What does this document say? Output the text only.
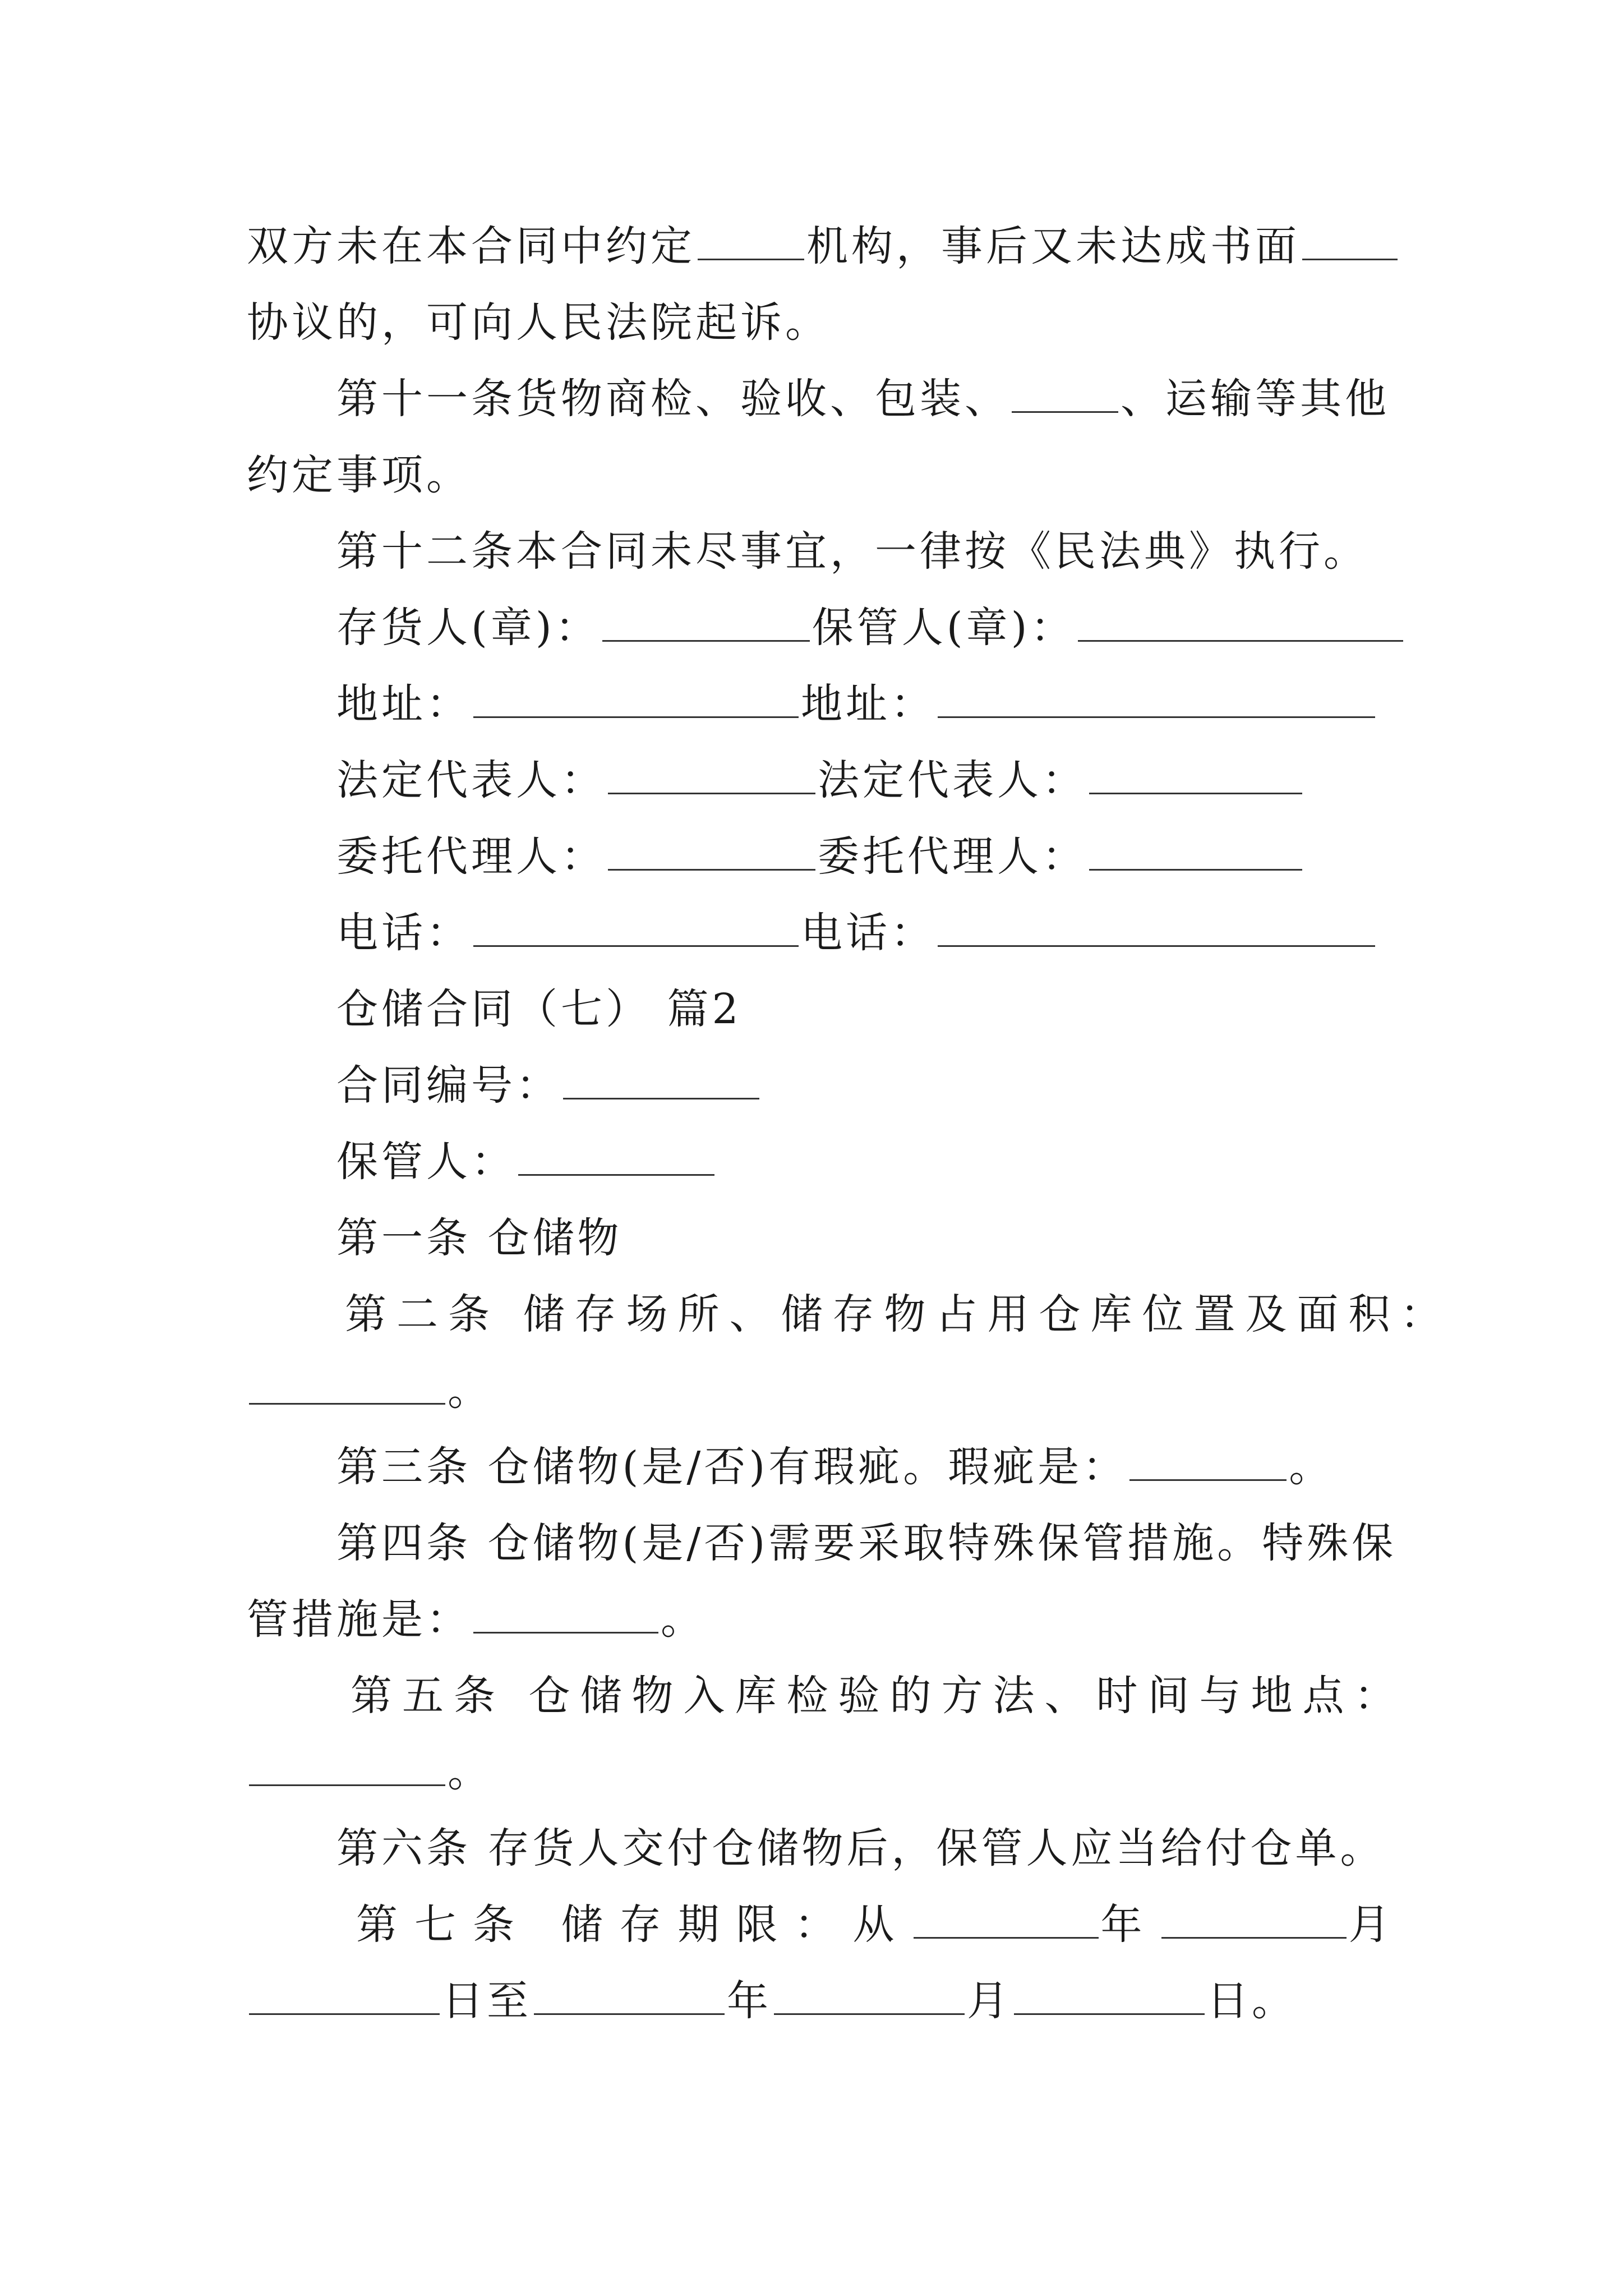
双方未在本合同中约定	机构，事后又未达成书面
协议的，可向人民法院起诉。
第十一条货物商检、验收、包装、	、运输等其他
约定事项。
第十二条本合同未尽事宜，一律按《民法典》执行。
存货人(章)：	保管人(章)：
地址：	地址：
法定代表人：	法定代表人：
委托代理人：	委托代理人：
电话：	电话：
仓储合同（七） 篇2
合同编号：
保管人：
第一条 仓储物
第二条 储存场所、储存物占用仓库位置及面积：
。
第三条 仓储物(是/否)有瑕疵。瑕疵是：	。
第四条 仓储物(是/否)需要采取特殊保管措施。特殊保
管措施是：	。
第五条 仓储物入库检验的方法、时间与地点：
。
第六条 存货人交付仓储物后，保管人应当给付仓单。
第七条 储存期限：从	年	月
日至	年	月	日。
